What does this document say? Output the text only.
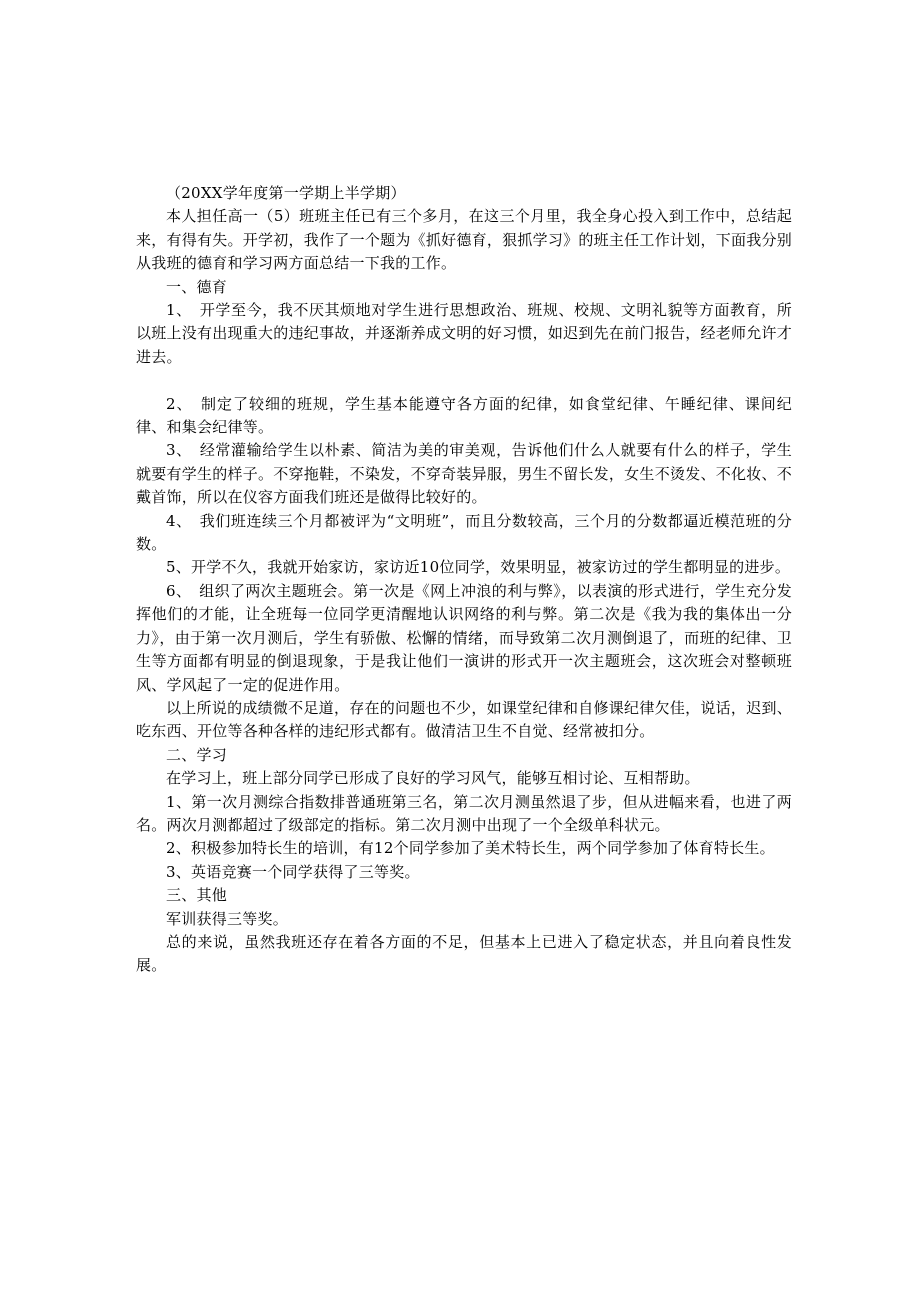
（20XX学年度第一学期上半学期）

本人担任高一（5）班班主任已有三个多月，在这三个月里，我全身心投入到工作中，总结起来，有得有失。开学初，我作了一个题为《抓好德育，狠抓学习》的班主任工作计划，下面我分别从我班的德育和学习两方面总结一下我的工作。

一、德育

1、　开学至今，我不厌其烦地对学生进行思想政治、班规、校规、文明礼貌等方面教育，所以班上没有出现重大的违纪事故，并逐渐养成文明的好习惯，如迟到先在前门报告，经老师允许才进去。

2、　制定了较细的班规，学生基本能遵守各方面的纪律，如食堂纪律、午睡纪律、课间纪律、和集会纪律等。

3、　经常灌输给学生以朴素、简洁为美的审美观，告诉他们什么人就要有什么的样子，学生就要有学生的样子。不穿拖鞋，不染发，不穿奇装异服，男生不留长发，女生不烫发、不化妆、不戴首饰，所以在仪容方面我们班还是做得比较好的。

4、　我们班连续三个月都被评为“文明班”，而且分数较高，三个月的分数都逼近模范班的分数。

5、开学不久，我就开始家访，家访近10位同学，效果明显，被家访过的学生都明显的进步。

6、　组织了两次主题班会。第一次是《网上冲浪的利与弊》，以表演的形式进行，学生充分发挥他们的才能，让全班每一位同学更清醒地认识网络的利与弊。第二次是《我为我的集体出一分力》，由于第一次月测后，学生有骄傲、松懈的情绪，而导致第二次月测倒退了，而班的纪律、卫生等方面都有明显的倒退现象，于是我让他们一演讲的形式开一次主题班会，这次班会对整顿班风、学风起了一定的促进作用。

以上所说的成绩微不足道，存在的问题也不少，如课堂纪律和自修课纪律欠佳，说话，迟到、吃东西、开位等各种各样的违纪形式都有。做清洁卫生不自觉、经常被扣分。

二、学习

在学习上，班上部分同学已形成了良好的学习风气，能够互相讨论、互相帮助。

1、第一次月测综合指数排普通班第三名，第二次月测虽然退了步，但从进幅来看，也进了两名。两次月测都超过了级部定的指标。第二次月测中出现了一个全级单科状元。

2、积极参加特长生的培训，有12个同学参加了美术特长生，两个同学参加了体育特长生。

3、英语竞赛一个同学获得了三等奖。

三、其他

军训获得三等奖。

总的来说，虽然我班还存在着各方面的不足，但基本上已进入了稳定状态，并且向着良性发展。
